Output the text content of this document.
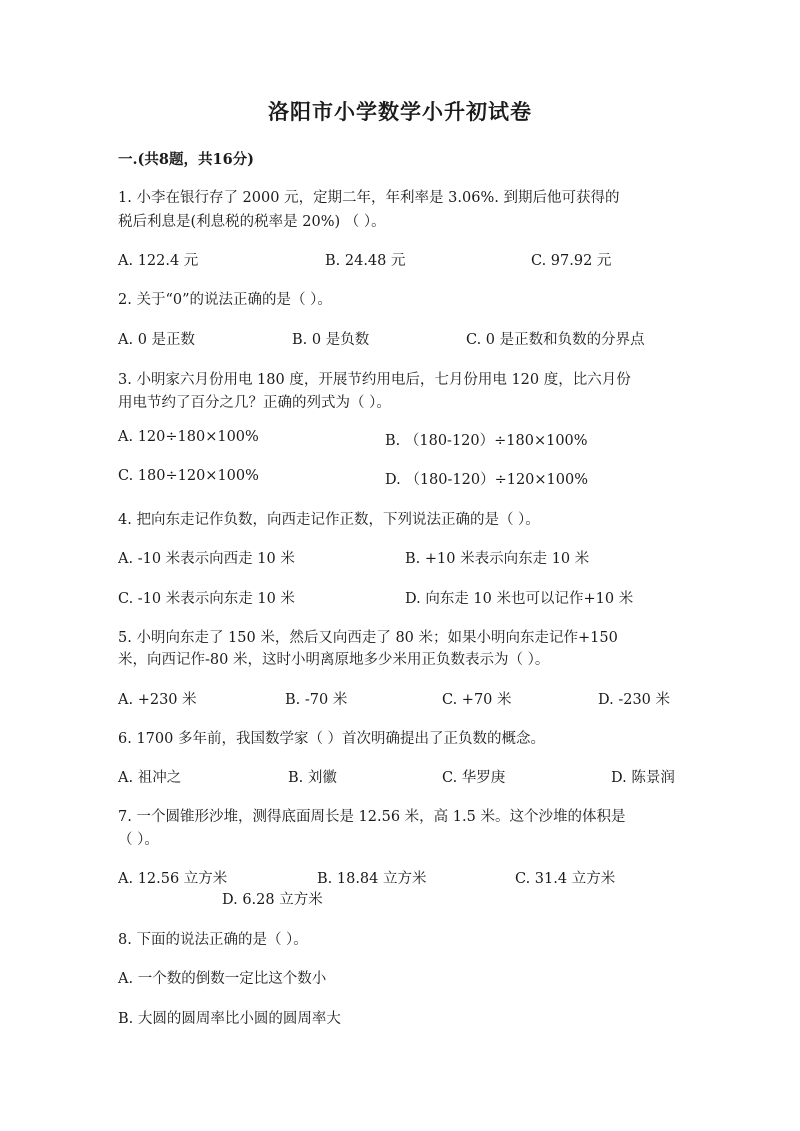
洛阳市小学数学小升初试卷
一.(共8题，共16分)
1. 小李在银行存了 2000 元，定期二年，年利率是 3.06%. 到期后他可获得的
税后利息是(利息税的税率是 20%) （ ）。
A. 122.4 元	B. 24.48 元	C. 97.92 元
2. 关于“0”的说法正确的是（ ）。
A. 0 是正数	B. 0 是负数	C. 0 是正数和负数的分界点
3. 小明家六月份用电 180 度，开展节约用电后，七月份用电 120 度，比六月份
用电节约了百分之几？正确的列式为（ ）。
A. 120÷180×100%	B. （180-120）÷180×100%
C. 180÷120×100%	D. （180-120）÷120×100%
4. 把向东走记作负数，向西走记作正数，下列说法正确的是（ ）。
A. -10 米表示向西走 10 米	B. +10 米表示向东走 10 米
C. -10 米表示向东走 10 米	D. 向东走 10 米也可以记作+10 米
5. 小明向东走了 150 米，然后又向西走了 80 米；如果小明向东走记作+150
米，向西记作-80 米，这时小明离原地多少米用正负数表示为（ ）。
A. +230 米	B. -70 米	C. +70 米	D. -230 米
6. 1700 多年前，我国数学家（ ）首次明确提出了正负数的概念。
A. 祖冲之	B. 刘徽	C. 华罗庚	D. 陈景润
7. 一个圆锥形沙堆，测得底面周长是 12.56 米，高 1.5 米。这个沙堆的体积是
（ ）。
A. 12.56 立方米	B. 18.84 立方米	C. 31.4 立方米
D. 6.28 立方米
8. 下面的说法正确的是（ ）。
A. 一个数的倒数一定比这个数小
B. 大圆的圆周率比小圆的圆周率大
